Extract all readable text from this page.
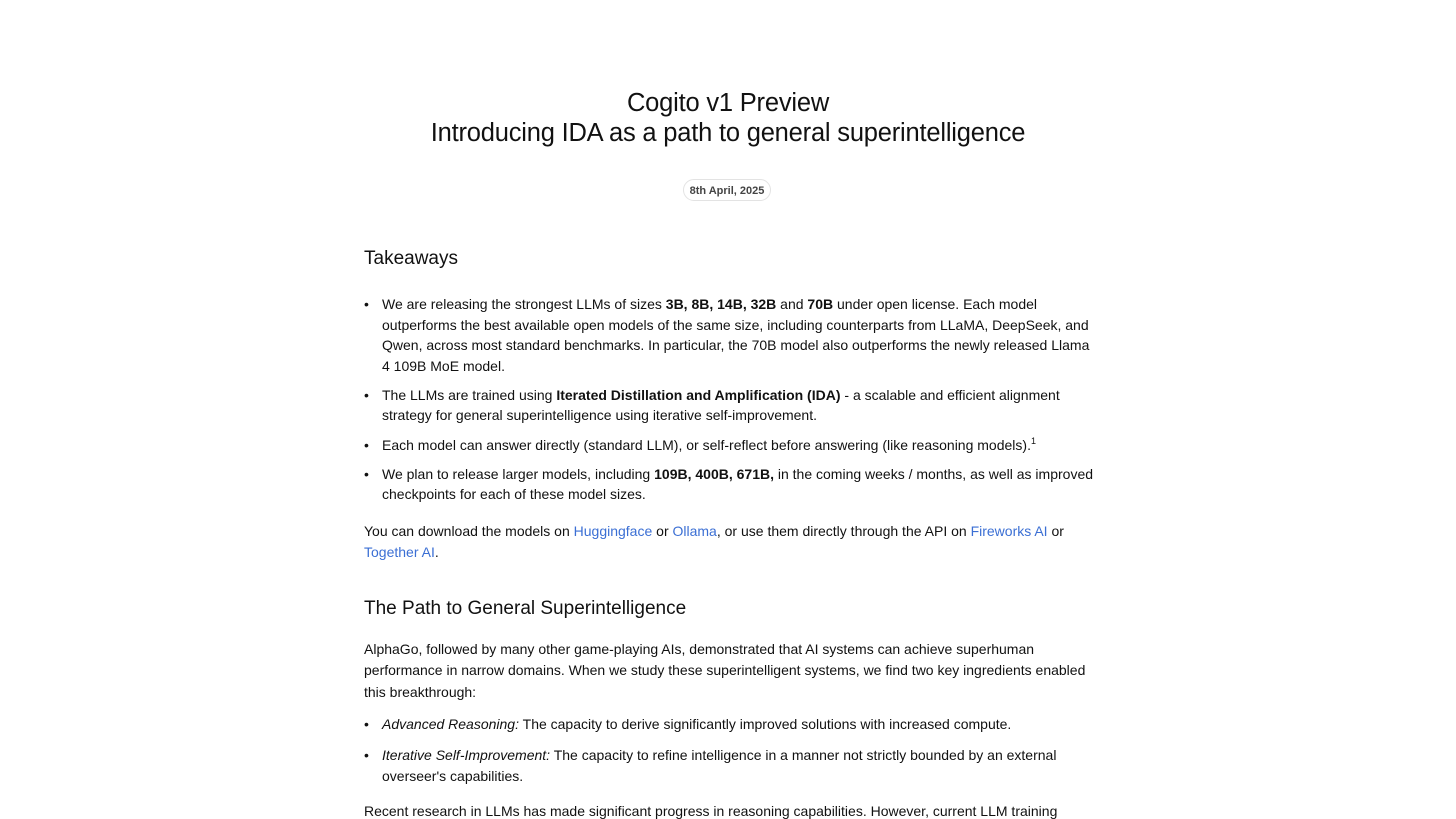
Cogito v1 Preview
Introducing IDA as a path to general superintelligence
8th April, 2025
Takeaways
• We are releasing the strongest LLMs of sizes 3B, 8B, 14B, 32B and 70B under open license. Each model outperforms the best available open models of the same size, including counterparts from LLaMA, DeepSeek, and Qwen, across most standard benchmarks. In particular, the 70B model also outperforms the newly released Llama 4 109B MoE model.
• The LLMs are trained using Iterated Distillation and Amplification (IDA) - a scalable and efficient alignment strategy for general superintelligence using iterative self-improvement.
• Each model can answer directly (standard LLM), or self-reflect before answering (like reasoning models).$^1$
• We plan to release larger models, including 109B, 400B, 671B, in the coming weeks / months, as well as improved checkpoints for each of these model sizes.

You can download the models on Huggingface or Ollama, or use them directly through the API on Fireworks AI or Together AI.

The Path to General Superintelligence

AlphaGo, followed by many other game-playing AIs, demonstrated that AI systems can achieve superhuman performance in narrow domains. When we study these superintelligent systems, we find two key ingredients enabled this breakthrough:

• Advanced Reasoning: The capacity to derive significantly improved solutions with increased compute.
• Iterative Self-Improvement: The capacity to refine intelligence in a manner not strictly bounded by an external overseer's capabilities.

Recent research in LLMs has made significant progress in reasoning capabilities. However, current LLM training
